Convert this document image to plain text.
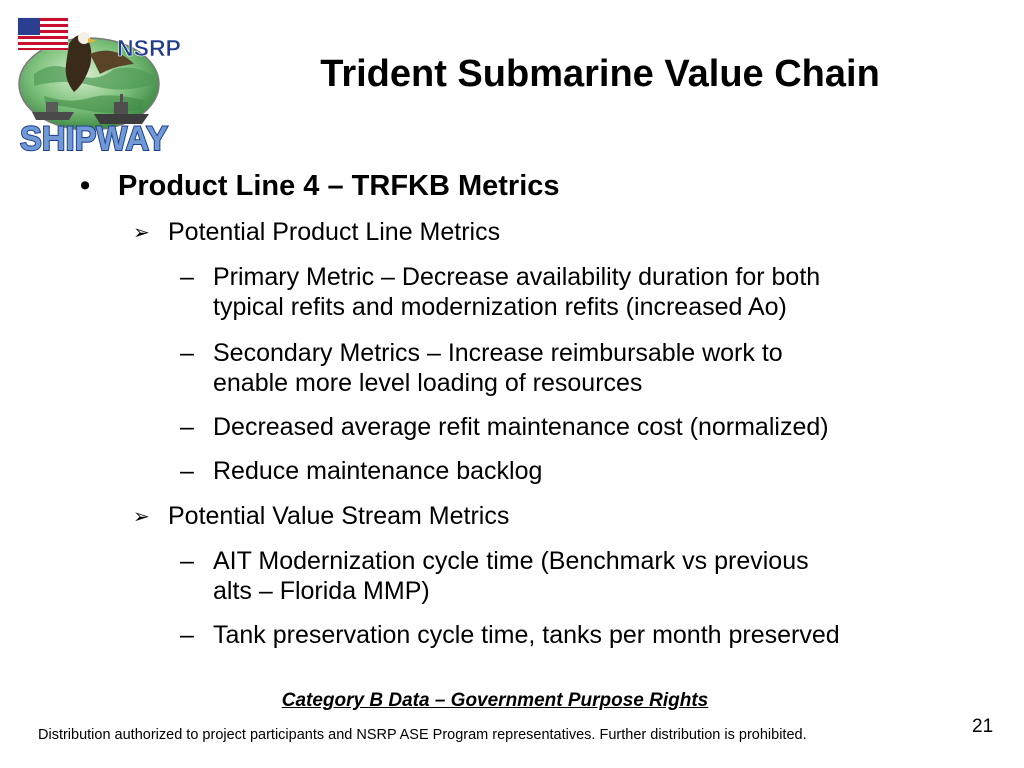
NSRP
SHIPWAY
Trident Submarine Value Chain
• Product Line 4 – TRFKB Metrics
➢ Potential Product Line Metrics
– Primary Metric – Decrease availability duration for both
typical refits and modernization refits (increased Ao)
– Secondary Metrics – Increase reimbursable work to
enable more level loading of resources
– Decreased average refit maintenance cost (normalized)
– Reduce maintenance backlog
➢ Potential Value Stream Metrics
– AIT Modernization cycle time (Benchmark vs previous
alts – Florida MMP)
– Tank preservation cycle time, tanks per month preserved
Category B Data – Government Purpose Rights
Distribution authorized to project participants and NSRP ASE Program representatives. Further distribution is prohibited.	21
